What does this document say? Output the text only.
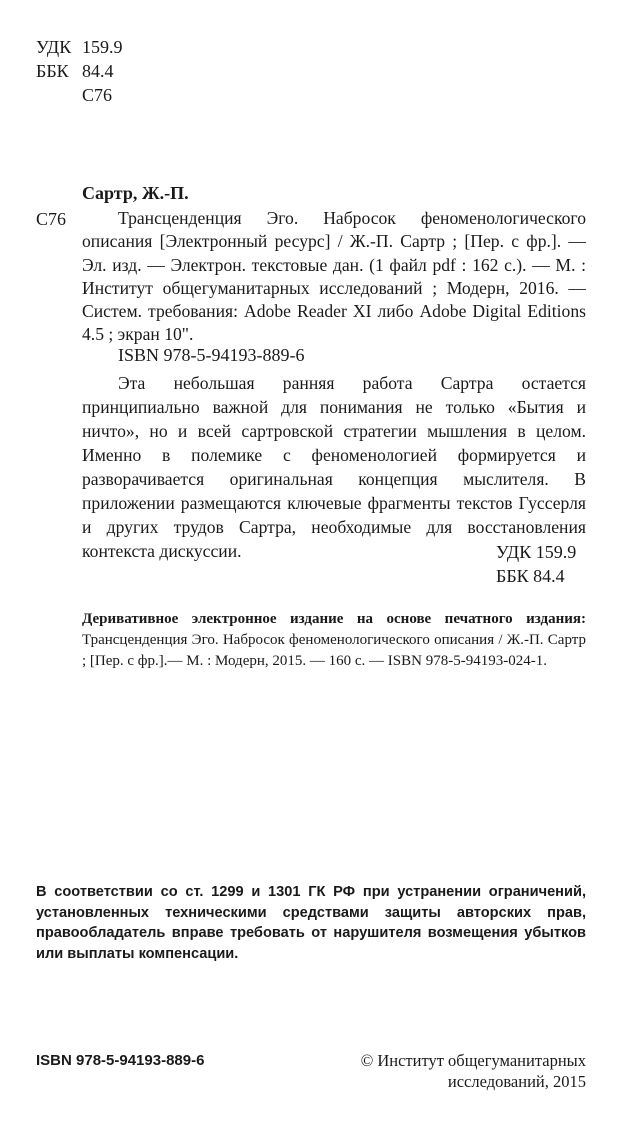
УДК 159.9
ББК 84.4
С76
Сартр, Ж.-П.
С76	Трансценденция Эго. Набросок феноменологического описания [Электронный ресурс] / Ж.-П. Сартр ; [Пер. с фр.]. — Эл. изд. — Электрон. текстовые дан. (1 файл pdf : 162 с.). — М. : Институт общегуманитарных исследований ; Модерн, 2016. — Систем. требования: Adobe Reader XI либо Adobe Digital Editions 4.5 ; экран 10".

ISBN 978-5-94193-889-6

Эта небольшая ранняя работа Сартра остается принципиально важной для понимания не только «Бытия и ничто», но и всей сартровской стратегии мышления в целом. Именно в полемике с феноменологией формируется и разворачивается оригинальная концепция мыслителя. В приложении размещаются ключевые фрагменты текстов Гуссерля и других трудов Сартра, необходимые для восстановления контекста дискуссии.	УДК 159.9
ББК 84.4

Деривативное электронное издание на основе печатного издания: Трансценденция Эго. Набросок феноменологического описания / Ж.-П. Сартр ; [Пер. с фр.].— М. : Модерн, 2015. — 160 с. — ISBN 978-5-94193-024-1.

В соответствии со ст. 1299 и 1301 ГК РФ при устранении ограничений, установленных техническими средствами защиты авторских прав, правообладатель вправе требовать от нарушителя возмещения убытков или выплаты компенсации.

ISBN 978-5-94193-889-6	© Институт общегуманитарных исследований, 2015
